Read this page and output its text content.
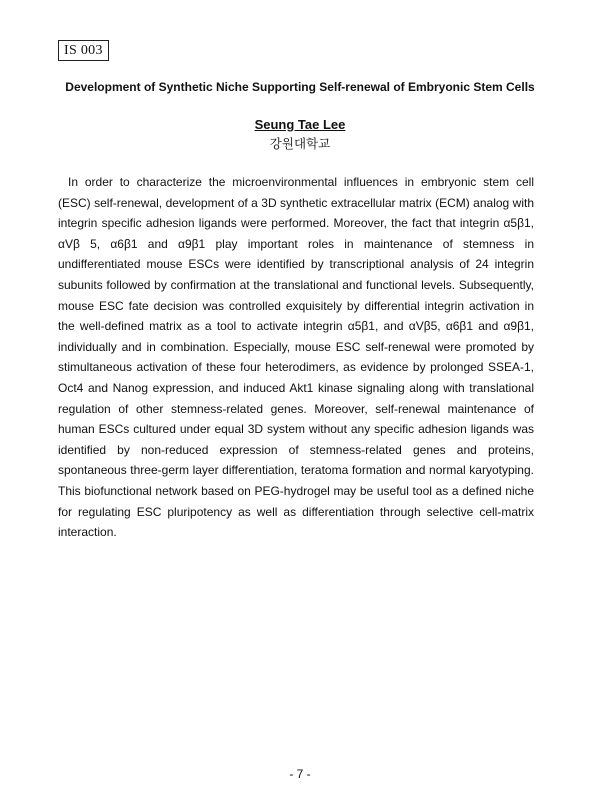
IS 003
Development of Synthetic Niche Supporting Self-renewal of Embryonic Stem Cells
Seung Tae Lee
강원대학교

In order to characterize the microenvironmental influences in embryonic stem cell (ESC) self-renewal, development of a 3D synthetic extracellular matrix (ECM) analog with integrin specific adhesion ligands were performed. Moreover, the fact that integrin α5β1, αVβ 5, α6β1 and α9β1 play important roles in maintenance of stemness in undifferentiated mouse ESCs were identified by transcriptional analysis of 24 integrin subunits followed by confirmation at the translational and functional levels. Subsequently, mouse ESC fate decision was controlled exquisitely by differential integrin activation in the well-defined matrix as a tool to activate integrin α5β1, and αVβ5, α6β1 and α9β1, individually and in combination. Especially, mouse ESC self-renewal were promoted by stimultaneous activation of these four heterodimers, as evidence by prolonged SSEA-1, Oct4 and Nanog expression, and induced Akt1 kinase signaling along with translational regulation of other stemness-related genes. Moreover, self-renewal maintenance of human ESCs cultured under equal 3D system without any specific adhesion ligands was identified by non-reduced expression of stemness-related genes and proteins, spontaneous three-germ layer differentiation, teratoma formation and normal karyotyping. This biofunctional network based on PEG-hydrogel may be useful tool as a defined niche for regulating ESC pluripotency as well as differentiation through selective cell-matrix interaction.

- 7 -
